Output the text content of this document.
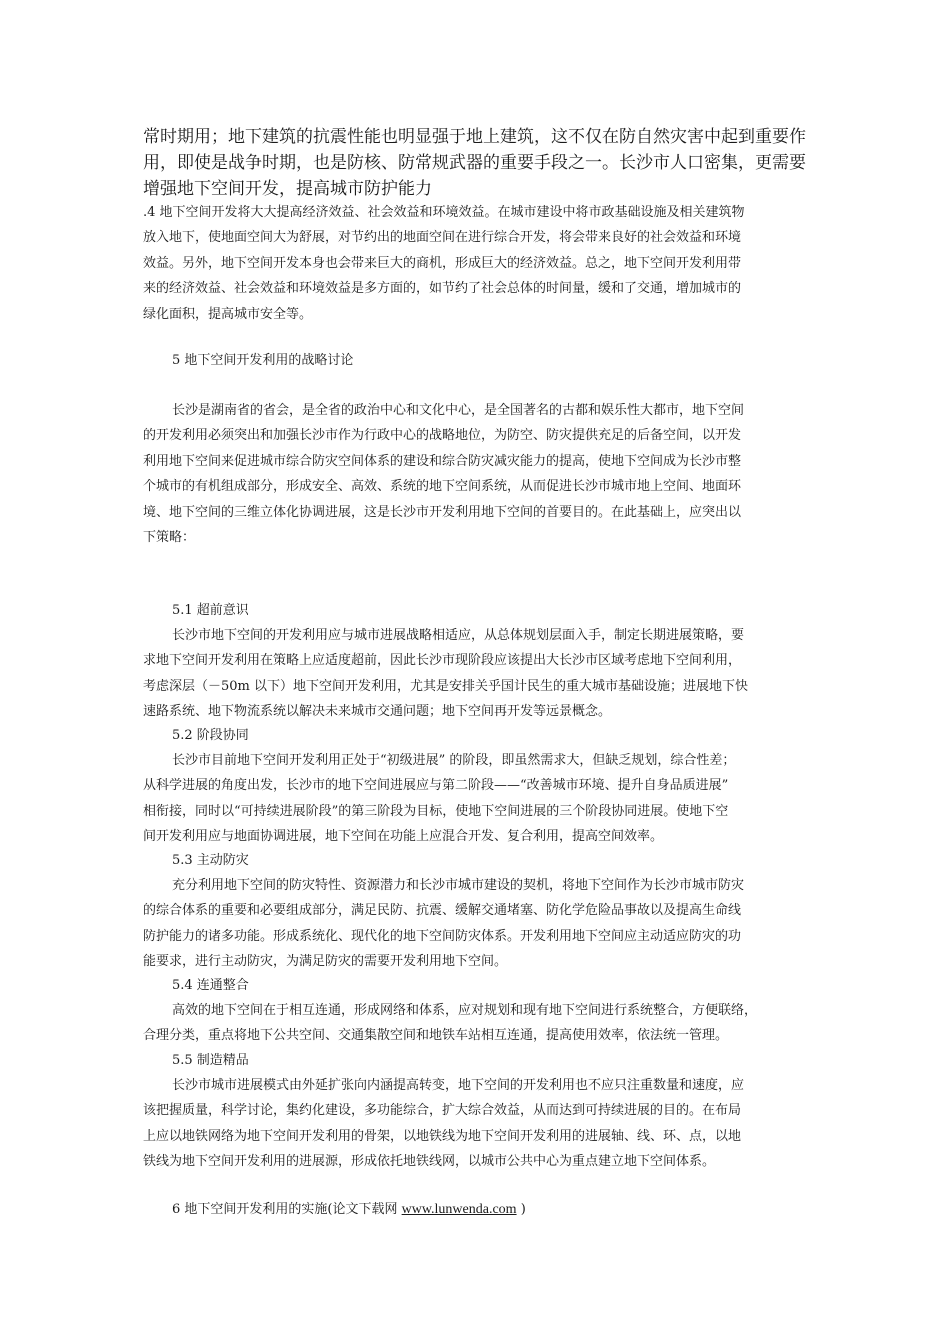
常时期用；地下建筑的抗震性能也明显强于地上建筑，这不仅在防自然灾害中起到重要作
用，即使是战争时期，也是防核、防常规武器的重要手段之一。长沙市人口密集，更需要
增强地下空间开发，提高城市防护能力
.4 地下空间开发将大大提高经济效益、社会效益和环境效益。在城市建设中将市政基础设施及相关建筑物
放入地下，使地面空间大为舒展，对节约出的地面空间在进行综合开发，将会带来良好的社会效益和环境
效益。另外，地下空间开发本身也会带来巨大的商机，形成巨大的经济效益。总之，地下空间开发利用带
来的经济效益、社会效益和环境效益是多方面的，如节约了社会总体的时间量，缓和了交通，增加城市的
绿化面积，提高城市安全等。
5 地下空间开发利用的战略讨论
长沙是湖南省的省会，是全省的政治中心和文化中心，是全国著名的古都和娱乐性大都市，地下空间
的开发利用必须突出和加强长沙市作为行政中心的战略地位，为防空、防灾提供充足的后备空间，以开发
利用地下空间来促进城市综合防灾空间体系的建设和综合防灾减灾能力的提高，使地下空间成为长沙市整
个城市的有机组成部分，形成安全、高效、系统的地下空间系统，从而促进长沙市城市地上空间、地面环
境、地下空间的三维立体化协调进展，这是长沙市开发利用地下空间的首要目的。在此基础上，应突出以
下策略：
5.1 超前意识
长沙市地下空间的开发利用应与城市进展战略相适应，从总体规划层面入手，制定长期进展策略，要
求地下空间开发利用在策略上应适度超前，因此长沙市现阶段应该提出大长沙市区域考虑地下空间利用，
考虑深层（－50m 以下）地下空间开发利用，尤其是安排关乎国计民生的重大城市基础设施；进展地下快
速路系统、地下物流系统以解决未来城市交通问题；地下空间再开发等远景概念。
5.2 阶段协同
长沙市目前地下空间开发利用正处于“初级进展” 的阶段，即虽然需求大，但缺乏规划，综合性差；
从科学进展的角度出发，长沙市的地下空间进展应与第二阶段——“改善城市环境、提升自身品质进展”
相衔接，同时以“可持续进展阶段”的第三阶段为目标，使地下空间进展的三个阶段协同进展。使地下空
间开发利用应与地面协调进展，地下空间在功能上应混合开发、复合利用，提高空间效率。
5.3 主动防灾
充分利用地下空间的防灾特性、资源潜力和长沙市城市建设的契机，将地下空间作为长沙市城市防灾
的综合体系的重要和必要组成部分，满足民防、抗震、缓解交通堵塞、防化学危险品事故以及提高生命线
防护能力的诸多功能。形成系统化、现代化的地下空间防灾体系。开发利用地下空间应主动适应防灾的功
能要求，进行主动防灾，为满足防灾的需要开发利用地下空间。
5.4 连通整合
高效的地下空间在于相互连通，形成网络和体系，应对规划和现有地下空间进行系统整合，方便联络，
合理分类，重点将地下公共空间、交通集散空间和地铁车站相互连通，提高使用效率，依法统一管理。
5.5 制造精品
长沙市城市进展模式由外延扩张向内涵提高转变，地下空间的开发利用也不应只注重数量和速度，应
该把握质量，科学讨论，集约化建设，多功能综合，扩大综合效益，从而达到可持续进展的目的。在布局
上应以地铁网络为地下空间开发利用的骨架，以地铁线为地下空间开发利用的进展轴、线、环、点，以地
铁线为地下空间开发利用的进展源，形成依托地铁线网，以城市公共中心为重点建立地下空间体系。
6 地下空间开发利用的实施(论文下载网 www.lunwenda.com )
